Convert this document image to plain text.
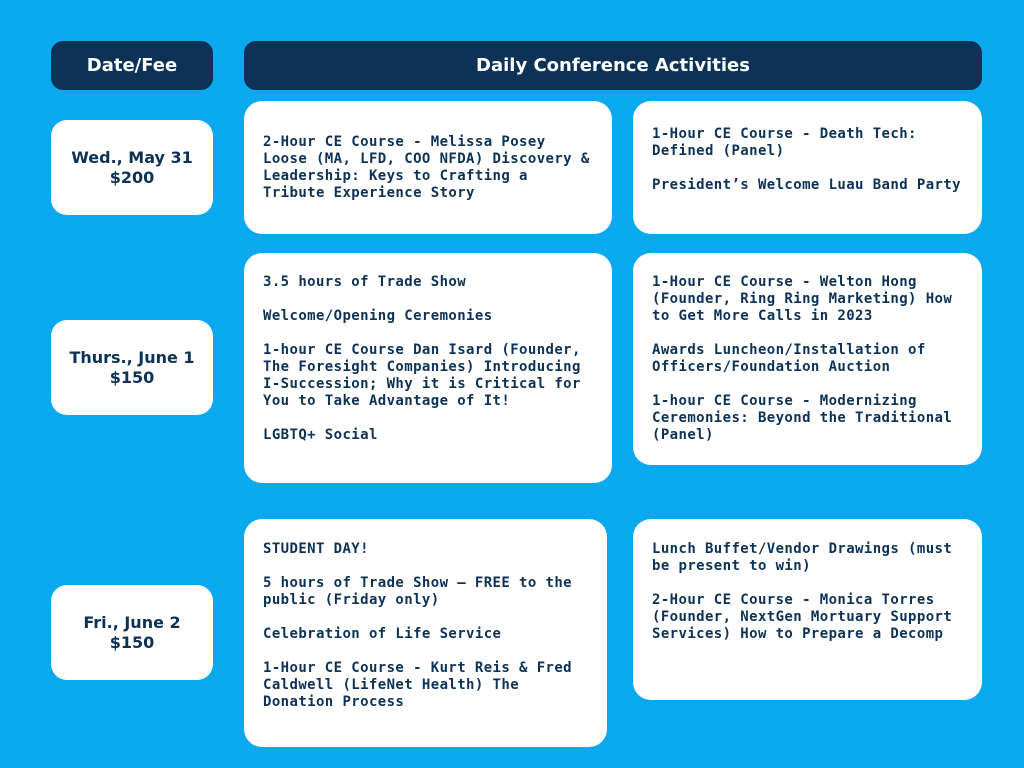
Date/Fee	Daily Conference Activities
Wed., May 31
$200
2-Hour CE Course - Melissa Posey Loose (MA, LFD, COO NFDA) Discovery & Leadership: Keys to Crafting a Tribute Experience Story
1-Hour CE Course - Death Tech: Defined (Panel)
President’s Welcome Luau Band Party
Thurs., June 1
$150
3.5 hours of Trade Show
Welcome/Opening Ceremonies
1-hour CE Course Dan Isard (Founder, The Foresight Companies) Introducing I-Succession; Why it is Critical for You to Take Advantage of It!
LGBTQ+ Social
1-Hour CE Course - Welton Hong (Founder, Ring Ring Marketing) How to Get More Calls in 2023
Awards Luncheon/Installation of Officers/Foundation Auction
1-hour CE Course - Modernizing Ceremonies: Beyond the Traditional (Panel)
Fri., June 2
$150
STUDENT DAY!
5 hours of Trade Show – FREE to the public (Friday only)
Celebration of Life Service
1-Hour CE Course - Kurt Reis & Fred Caldwell (LifeNet Health) The Donation Process
Lunch Buffet/Vendor Drawings (must be present to win)
2-Hour CE Course - Monica Torres (Founder, NextGen Mortuary Support Services) How to Prepare a Decomp
